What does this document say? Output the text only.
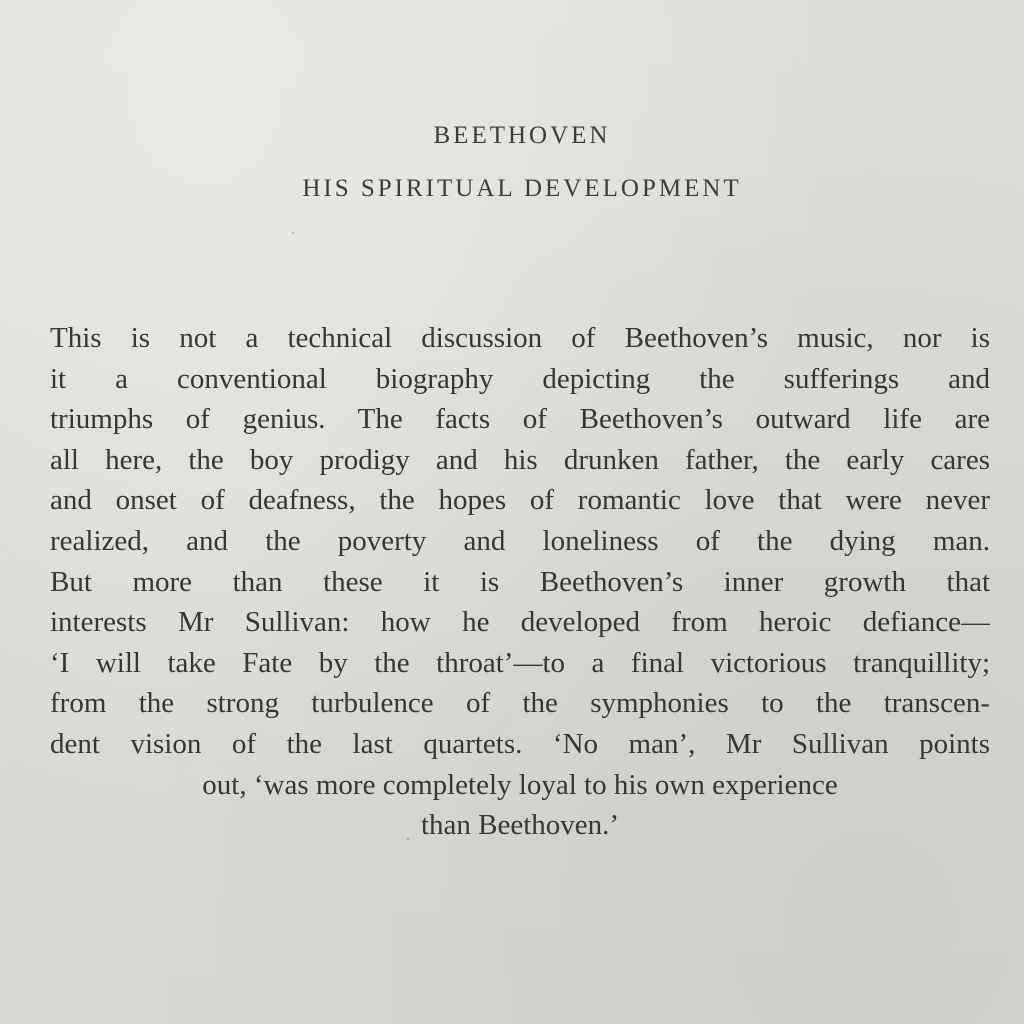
BEETHOVEN
HIS SPIRITUAL DEVELOPMENT
This is not a technical discussion of Beethoven’s music, nor is
it a conventional biography depicting the sufferings and
triumphs of genius. The facts of Beethoven’s outward life are
all here, the boy prodigy and his drunken father, the early cares
and onset of deafness, the hopes of romantic love that were never
realized, and the poverty and loneliness of the dying man.
But more than these it is Beethoven’s inner growth that
interests Mr Sullivan: how he developed from heroic defiance—
‘I will take Fate by the throat’—to a final victorious tranquillity;
from the strong turbulence of the symphonies to the transcen-
dent vision of the last quartets. ‘No man’, Mr Sullivan points
out, ‘was more completely loyal to his own experience
than Beethoven.’
